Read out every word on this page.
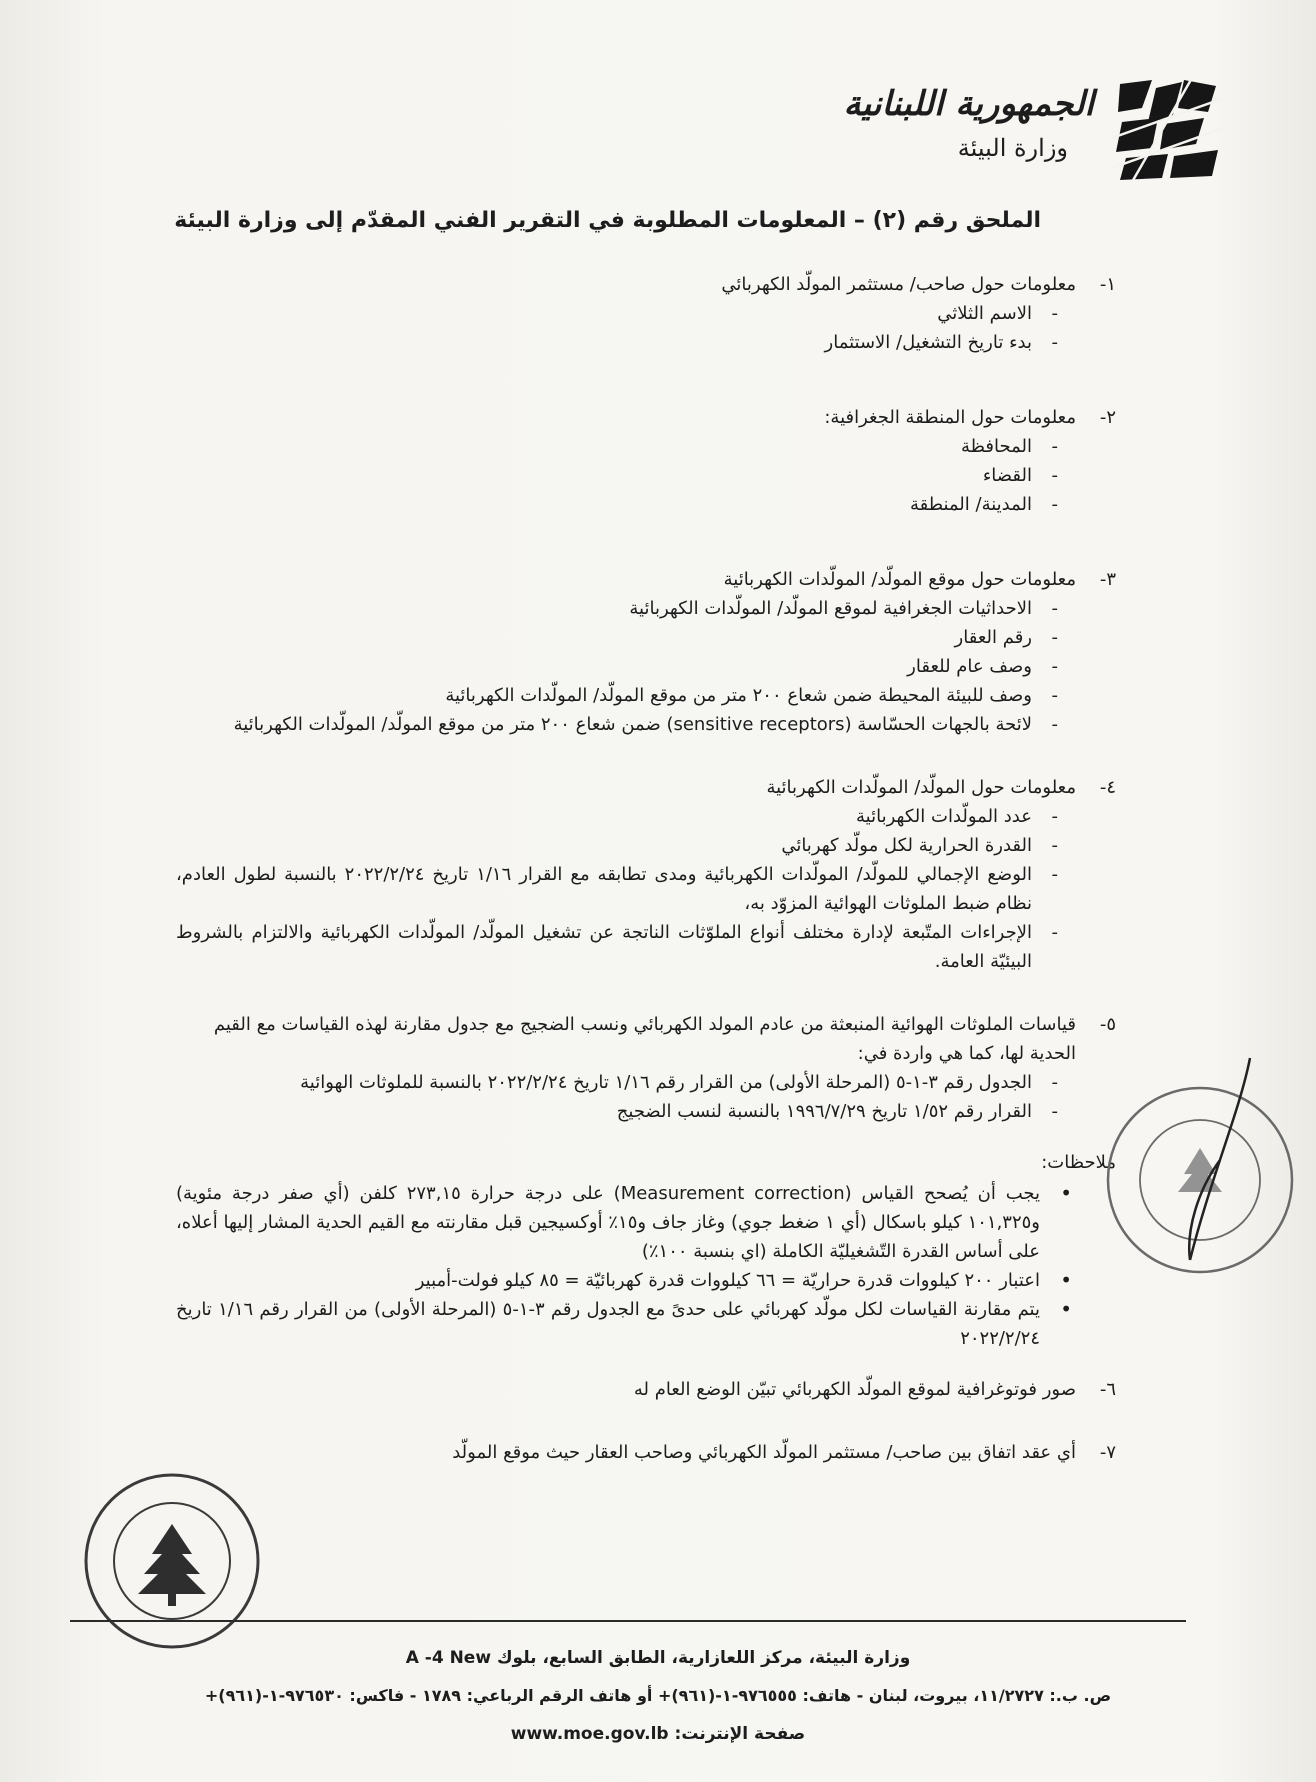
الجمهورية اللبنانية
وزارة البيئة
الملحق رقم (٢) – المعلومات المطلوبة في التقرير الفني المقدّم إلى وزارة البيئة
١-
معلومات حول صاحب/ مستثمر المولّد الكهربائي
- الاسم الثلاثي
- بدء تاريخ التشغيل/ الاستثمار
٢-
معلومات حول المنطقة الجغرافية:
- المحافظة
- القضاء
- المدينة/ المنطقة
٣-
معلومات حول موقع المولّد/ المولّدات الكهربائية
- الاحداثيات الجغرافية لموقع المولّد/ المولّدات الكهربائية
- رقم العقار
- وصف عام للعقار
- وصف للبيئة المحيطة ضمن شعاع ٢٠٠ متر من موقع المولّد/ المولّدات الكهربائية
- لائحة بالجهات الحسّاسة (sensitive receptors) ضمن شعاع ٢٠٠ متر من موقع المولّد/ المولّدات الكهربائية
٤-
معلومات حول المولّد/ المولّدات الكهربائية
- عدد المولّدات الكهربائية
- القدرة الحرارية لكل مولّد كهربائي
- الوضع الإجمالي للمولّد/ المولّدات الكهربائية ومدى تطابقه مع القرار ١/١٦ تاريخ ٢٠٢٢/٢/٢٤ بالنسبة لطول العادم، نظام ضبط الملوثات الهوائية المزوّد به،
- الإجراءات المتّبعة لإدارة مختلف أنواع الملوّثات الناتجة عن تشغيل المولّد/ المولّدات الكهربائية والالتزام بالشروط البيئيّة العامة.
٥-
قياسات الملوثات الهوائية المنبعثة من عادم المولد الكهربائي ونسب الضجيج مع جدول مقارنة لهذه القياسات مع القيم الحدية لها، كما هي واردة في:
- الجدول رقم ٣-١-٥ (المرحلة الأولى) من القرار رقم ١/١٦ تاريخ ٢٠٢٢/٢/٢٤ بالنسبة للملوثات الهوائية
- القرار رقم ١/٥٢ تاريخ ١٩٩٦/٧/٢٩ بالنسبة لنسب الضجيج
ملاحظات:
• يجب أن يُصحح القياس (Measurement correction) على درجة حرارة ٢٧٣,١٥ كلفن (أي صفر درجة مئوية) و١٠١,٣٢٥ كيلو باسكال (أي ١ ضغط جوي) وغاز جاف و١٥٪ أوكسيجين قبل مقارنته مع القيم الحدية المشار إليها أعلاه، على أساس القدرة التّشغيليّة الكاملة (اي بنسبة ١٠٠٪)
• اعتبار ٢٠٠ كيلووات قدرة حراريّة = ٦٦ كيلووات قدرة كهربائيّة = ٨٥ كيلو فولت-أمبير
• يتم مقارنة القياسات لكل مولّد كهربائي على حدىً مع الجدول رقم ٣-١-٥ (المرحلة الأولى) من القرار رقم ١/١٦ تاريخ ٢٠٢٢/٢/٢٤
٦-
صور فوتوغرافية لموقع المولّد الكهربائي تبيّن الوضع العام له
٧-
أي عقد اتفاق بين صاحب/ مستثمر المولّد الكهربائي وصاحب العقار حيث موقع المولّد
وزارة البيئة، مركز اللعازارية، الطابق السابع، بلوك A -4 New
ص. ب.: ١١/٢٧٢٧، بيروت، لبنان - هاتف: ٩٧٦٥٥٥-١-(٩٦١)+ أو هاتف الرقم الرباعي: ١٧٨٩ - فاكس: ٩٧٦٥٣٠-١-(٩٦١)+
صفحة الإنترنت: www.moe.gov.lb
